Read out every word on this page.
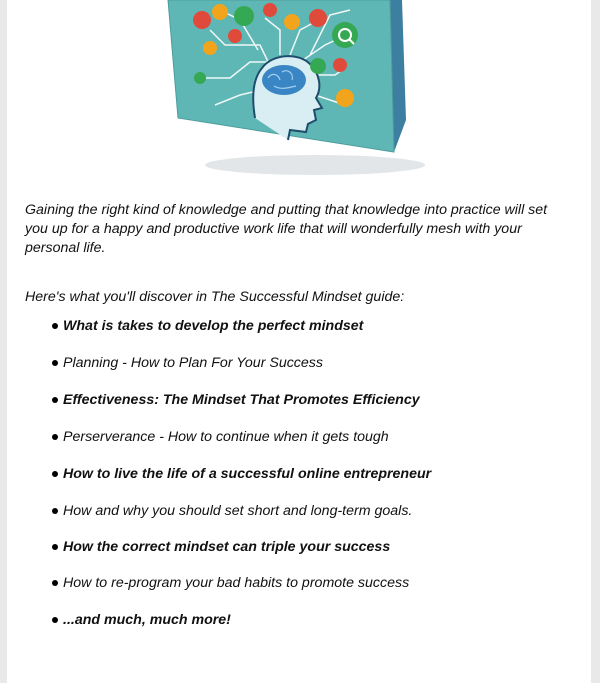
Gaining the right kind of knowledge and putting that knowledge into practice will set you up for a happy and productive work life that will wonderfully mesh with your personal life.

Here's what you'll discover in The Successful Mindset guide:

What is takes to develop the perfect mindset
Planning - How to Plan For Your Success
Effectiveness: The Mindset That Promotes Efficiency
Perserverance - How to continue when it gets tough
How to live the life of a successful online entrepreneur
How and why you should set short and long-term goals.
How the correct mindset can triple your success
How to re-program your bad habits to promote success
...and much, much more!
